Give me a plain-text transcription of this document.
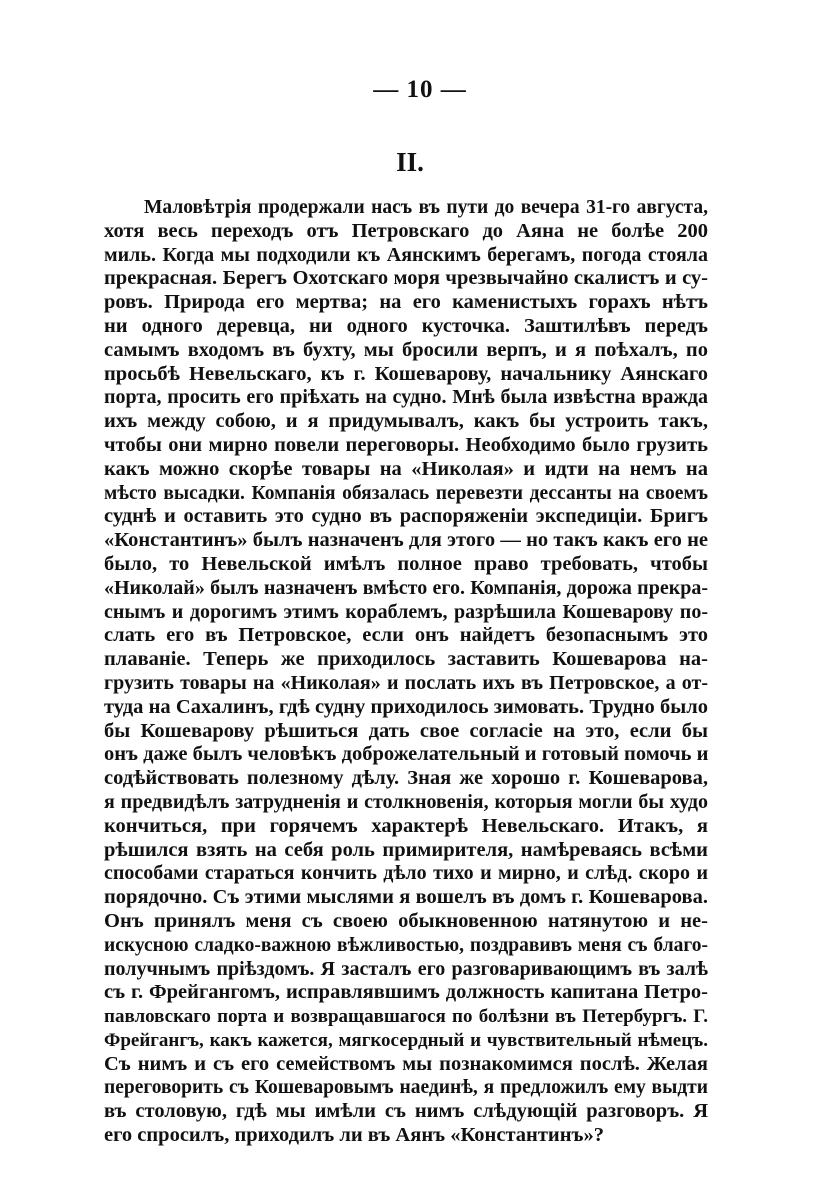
— 10 —
II.
Маловѣтрія продержали насъ въ пути до вечера 31-го августа,
хотя весь переходъ отъ Петровскаго до Аяна не болѣе 200
миль. Когда мы подходили къ Аянскимъ берегамъ, погода стояла
прекрасная. Берегъ Охотскаго моря чрезвычайно скалистъ и су-
ровъ. Природа его мертва; на его каменистыхъ горахъ нѣтъ
ни одного деревца, ни одного кусточка. Заштилѣвъ передъ
самымъ входомъ въ бухту, мы бросили верпъ, и я поѣхалъ, по
просьбѣ Невельскаго, къ г. Кошеварову, начальнику Аянскаго
порта, просить его пріѣхать на судно. Мнѣ была извѣстна вражда
ихъ между собою, и я придумывалъ, какъ бы устроить такъ,
чтобы они мирно повели переговоры. Необходимо было грузить
какъ можно скорѣе товары на «Николая» и идти на немъ на
мѣсто высадки. Компанія обязалась перевезти дессанты на своемъ
суднѣ и оставить это судно въ распоряженіи экспедиціи. Бригъ
«Константинъ» былъ назначенъ для этого — но такъ какъ его не
было, то Невельской имѣлъ полное право требовать, чтобы
«Николай» былъ назначенъ вмѣсто его. Компанія, дорожа прекра-
снымъ и дорогимъ этимъ кораблемъ, разрѣшила Кошеварову по-
слать его въ Петровское, если онъ найдетъ безопаснымъ это
плаваніе. Теперь же приходилось заставить Кошеварова на-
грузить товары на «Николая» и послать ихъ въ Петровское, а от-
туда на Сахалинъ, гдѣ судну приходилось зимовать. Трудно было
бы Кошеварову рѣшиться дать свое согласіе на это, если бы
онъ даже былъ человѣкъ доброжелательный и готовый помочь и
содѣйствовать полезному дѣлу. Зная же хорошо г. Кошеварова,
я предвидѣлъ затрудненія и столкновенія, которыя могли бы худо
кончиться, при горячемъ характерѣ Невельскаго. Итакъ, я
рѣшился взять на себя роль примирителя, намѣреваясь всѣми
способами стараться кончить дѣло тихо и мирно, и слѣд. скоро и
порядочно. Съ этими мыслями я вошелъ въ домъ г. Кошеварова.
Онъ принялъ меня съ своею обыкновенною натянутою и не-
искусною сладко-важною вѣжливостью, поздравивъ меня съ благо-
получнымъ пріѣздомъ. Я засталъ его разговаривающимъ въ залѣ
съ г. Фрейгангомъ, исправлявшимъ должность капитана Петро-
павловскаго порта и возвращавшагося по болѣзни въ Петербургъ. Г.
Фрейгангъ, какъ кажется, мягкосердный и чувствительный нѣмецъ.
Съ нимъ и съ его семействомъ мы познакомимся послѣ. Желая
переговорить съ Кошеваровымъ наединѣ, я предложилъ ему выдти
въ столовую, гдѣ мы имѣли съ нимъ слѣдующій разговоръ. Я
его спросилъ, приходилъ ли въ Аянъ «Константинъ»?
